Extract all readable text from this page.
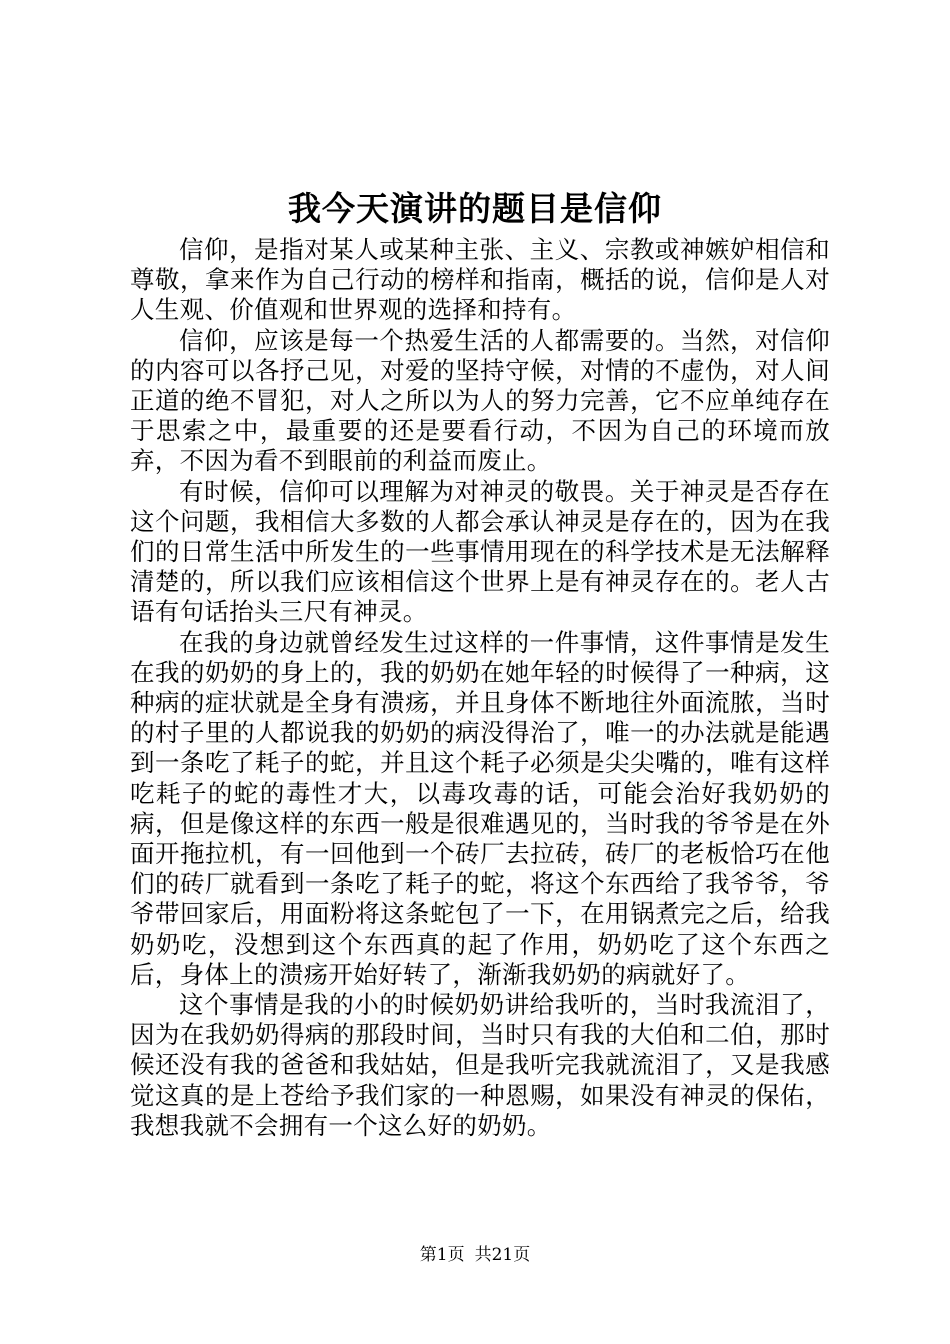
我今天演讲的题目是信仰

信仰，是指对某人或某种主张、主义、宗教或神嫉妒相信和尊敬，拿来作为自己行动的榜样和指南，概括的说，信仰是人对人生观、价值观和世界观的选择和持有。

信仰，应该是每一个热爱生活的人都需要的。当然，对信仰的内容可以各抒己见，对爱的坚持守候，对情的不虚伪，对人间正道的绝不冒犯，对人之所以为人的努力完善，它不应单纯存在于思索之中，最重要的还是要看行动，不因为自己的环境而放弃，不因为看不到眼前的利益而废止。

有时候，信仰可以理解为对神灵的敬畏。关于神灵是否存在这个问题，我相信大多数的人都会承认神灵是存在的，因为在我们的日常生活中所发生的一些事情用现在的科学技术是无法解释清楚的，所以我们应该相信这个世界上是有神灵存在的。老人古语有句话抬头三尺有神灵。

在我的身边就曾经发生过这样的一件事情，这件事情是发生在我的奶奶的身上的，我的奶奶在她年轻的时候得了一种病，这种病的症状就是全身有溃疡，并且身体不断地往外面流脓，当时的村子里的人都说我的奶奶的病没得治了，唯一的办法就是能遇到一条吃了耗子的蛇，并且这个耗子必须是尖尖嘴的，唯有这样吃耗子的蛇的毒性才大，以毒攻毒的话，可能会治好我奶奶的病，但是像这样的东西一般是很难遇见的，当时我的爷爷是在外面开拖拉机，有一回他到一个砖厂去拉砖，砖厂的老板恰巧在他们的砖厂就看到一条吃了耗子的蛇，将这个东西给了我爷爷，爷爷带回家后，用面粉将这条蛇包了一下，在用锅煮完之后，给我奶奶吃，没想到这个东西真的起了作用，奶奶吃了这个东西之后，身体上的溃疡开始好转了，渐渐我奶奶的病就好了。

这个事情是我的小的时候奶奶讲给我听的，当时我流泪了，因为在我奶奶得病的那段时间，当时只有我的大伯和二伯，那时候还没有我的爸爸和我姑姑，但是我听完我就流泪了，又是我感觉这真的是上苍给予我们家的一种恩赐，如果没有神灵的保佑，我想我就不会拥有一个这么好的奶奶。

第1页 共21页
